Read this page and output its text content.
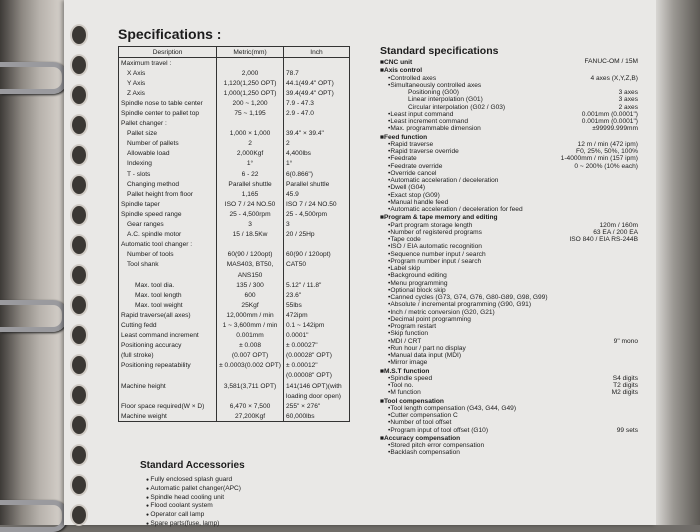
Specifications :
Desription	Metric(mm)	Inch
Maximum travel :		
X Axis	2,000	78.7
Y Axis	1,120(1,250 OPT)	44.1(49.4" OPT)
Z Axis	1,000(1,250 OPT)	39.4(49.4" OPT)
Spindle nose to table center	200 ~ 1,200	7.9 - 47.3
Spindle center to pallet top	75 ~ 1,195	2.9 - 47.0
Pallet changer :		
Pallet size	1,000 × 1,000	39.4" × 39.4"
Number of pallets	2	2
Allowable load	2,000Kgf	4,400lbs
Indexing	1°	1°
T - slots	6 - 22	6(0.866")
Changing method	Parallel shuttle	Parallel shuttle
Pallet height from floor	1,165	45.9
Spindle taper	ISO 7 / 24 NO.50	ISO 7 / 24 NO.50
Spindle speed range	25 - 4,500rpm	25 - 4,500rpm
Gear ranges	3	3
A.C. spindle motor	15 / 18.5Kw	20 / 25Hp
Automatic tool changer :		
Number of tools	60(90 / 120opt)	60(90 / 120opt)
Tool shank	MAS403, BT50,	CAT50
	ANS150	
Max. tool dia.	135 / 300	5.12" / 11.8"
Max. tool length	600	23.6"
Max. tool weight	25Kgf	55lbs
Rapid traverse(all axes)	12,000mm / min	472ipm
Cutting fedd	1 ~ 3,600mm / min	0.1 ~ 142ipm
Least command increment	0.001mm	0.0001"
Positioning accuracy	± 0.008	± 0.00027"
(full stroke)	(0.007 OPT)	(0.00028" OPT)
Positioning repeatability	± 0.0003(0.002 OPT)	± 0.00012"
		(0.00008" OPT)
Machine height	3,581(3,711 OPT)	141(146 OPT)(with
		loading door open)
Floor space required(W × D)	6,470 × 7,500	255" × 276"
Machine weight	27,200Kgf	60,000lbs
Standard Accessories
● Fully enclosed splash guard
● Automatic pallet changer(APC)
● Spindle head cooling unit
● Flood coolant system
● Operator call lamp
● Spare parts(fuse, lamp)
Standard specifications
■ CNC unit	FANUC-OM / 15M
■ Axis control
• Controlled axes	4 axes (X,Y,Z,B)
• Simultaneously controlled axes
Positioning (G00)	3 axes
Linear interpolation (G01)	3 axes
Circular interpolation (G02 / G03)	2 axes
• Least input command	0.001mm (0.0001")
• Least increment command	0.001mm (0.0001")
• Max. programmable dimension	±99999.999mm
■ Feed function
• Rapid traverse	12 m / min (472 ipm)
• Rapid traverse override	F0, 25%, 50%, 100%
• Feedrate	1-4000mm / min (157 ipm)
• Feedrate override	0 ~ 200% (10% each)
• Override cancel
• Automatic acceleration / deceleration
• Dwell (G04)
• Exact stop (G09)
• Manual handle feed
• Automatic acceleration / deceleration for feed
■ Program & tape memory and editing
• Part program storage length	120m / 160m
• Number of registered programs	63 EA / 200 EA
• Tape code	ISO 840 / EIA RS-244B
• ISO / EIA automatic recognition
• Sequence number input / search
• Program number input / search
• Label skip
• Background editing
• Menu programming
• Optional block skip
• Canned cycles (G73, G74, G76, G80-G89, G98, G99)
• Absolute / incremental programming (G90, G91)
• Inch / metric conversion (G20, G21)
• Decimal point programming
• Program restart
• Skip function
• MDI / CRT	9" mono
• Run hour / part no display
• Manual data input (MDI)
• Mirror image
■ M.S.T function
• Spindle speed	S4 digits
• Tool no.	T2 digits
• M function	M2 digits
■ Tool compensation
• Tool length compensation (G43, G44, G49)
• Cutter compensation C
• Number of tool offset
• Program input of tool offset (G10)	99 sets
■ Accuracy compensation
• Stored pitch error compensation
• Backlash compensation
